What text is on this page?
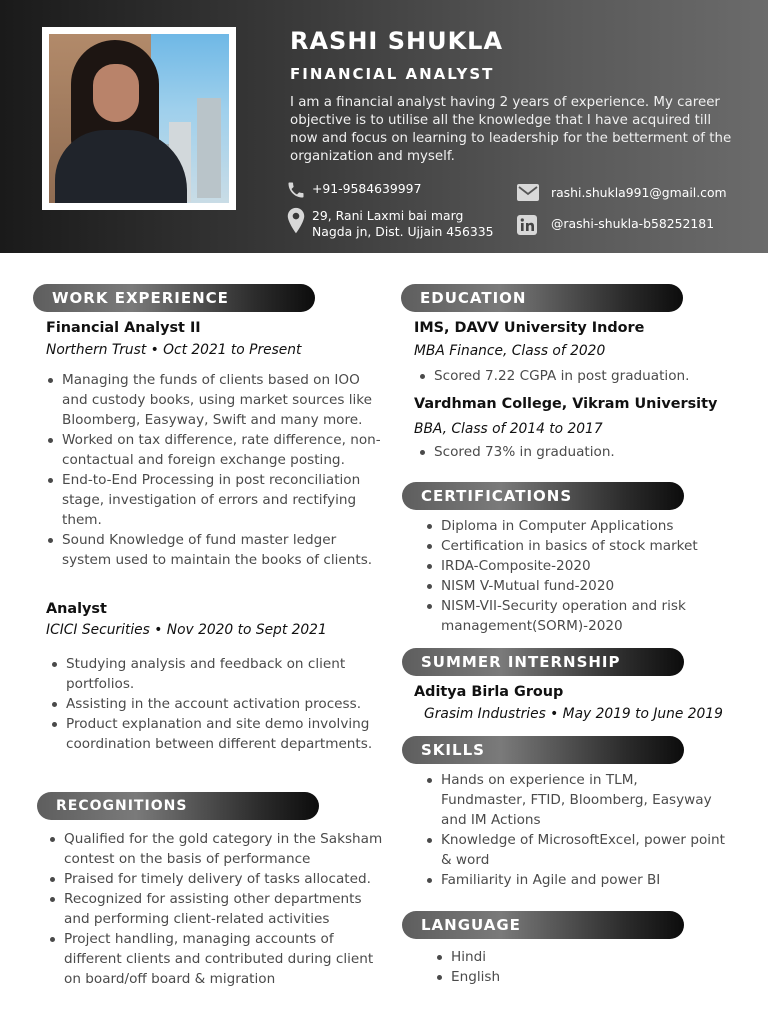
RASHI SHUKLA
FINANCIAL ANALYST
I am a financial analyst having 2 years of experience. My career objective is to utilise all the knowledge that I have acquired till now and focus on learning to leadership for the betterment of the organization and myself.
+91-9584639997
29, Rani Laxmi bai marg
Nagda jn, Dist. Ujjain 456335
rashi.shukla991@gmail.com
@rashi-shukla-b58252181
WORK EXPERIENCE
Financial Analyst II
Northern Trust • Oct 2021 to Present
Managing the funds of clients based on IOO and custody books, using market sources like Bloomberg, Easyway, Swift and many more.
Worked on tax difference, rate difference, non-contactual and foreign exchange posting.
End-to-End Processing in post reconciliation stage, investigation of errors and rectifying them.
Sound Knowledge of fund master ledger system used to maintain the books of clients.
Analyst
ICICI Securities • Nov 2020 to Sept 2021
Studying analysis and feedback on client portfolios.
Assisting in the account activation process.
Product explanation and site demo involving coordination between different departments.
RECOGNITIONS
Qualified for the gold category in the Saksham contest on the basis of performance
Praised for timely delivery of tasks allocated.
Recognized for assisting other departments and performing client-related activities
Project handling, managing accounts of different clients and contributed during client on board/off board & migration
EDUCATION
IMS, DAVV University Indore
MBA Finance, Class of 2020
Scored 7.22 CGPA in post graduation.
Vardhman College, Vikram University
BBA, Class of 2014 to 2017
Scored 73% in graduation.
CERTIFICATIONS
Diploma in Computer Applications
Certification in basics of stock market
IRDA-Composite-2020
NISM V-Mutual fund-2020
NISM-VII-Security operation and risk management(SORM)-2020
SUMMER INTERNSHIP
Aditya Birla Group
Grasim Industries • May 2019 to June 2019
SKILLS
Hands on experience in TLM, Fundmaster, FTID, Bloomberg, Easyway and IM Actions
Knowledge of MicrosoftExcel, power point & word
Familiarity in Agile and power BI
LANGUAGE
Hindi
English
